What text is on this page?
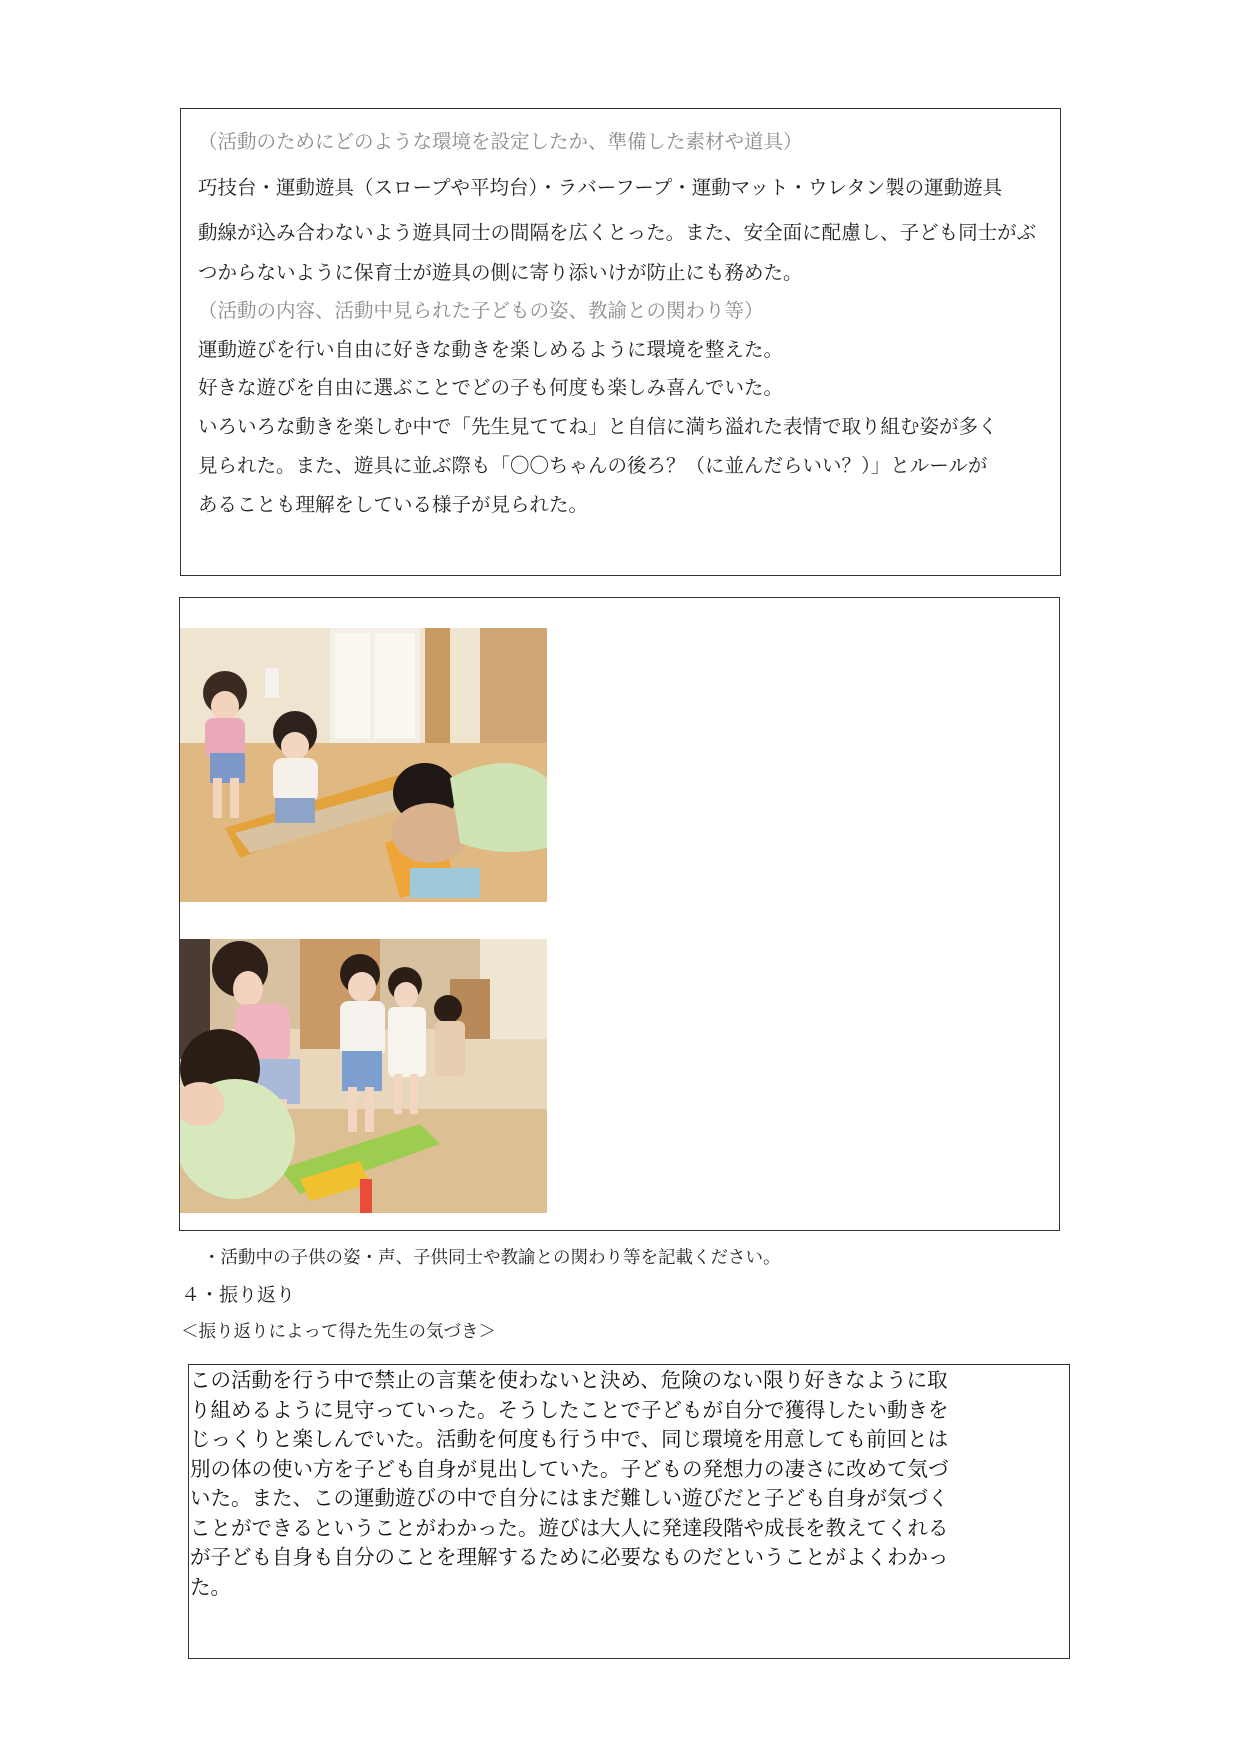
（活動のためにどのような環境を設定したか、準備した素材や道具）
巧技台・運動遊具（スロープや平均台）・ラバーフープ・運動マット・ウレタン製の運動遊具
動線が込み合わないよう遊具同士の間隔を広くとった。また、安全面に配慮し、子ども同士がぶ
つからないように保育士が遊具の側に寄り添いけが防止にも務めた。
（活動の内容、活動中見られた子どもの姿、教諭との関わり等）
運動遊びを行い自由に好きな動きを楽しめるように環境を整えた。
好きな遊びを自由に選ぶことでどの子も何度も楽しみ喜んでいた。
いろいろな動きを楽しむ中で「先生見ててね」と自信に満ち溢れた表情で取り組む姿が多く
見られた。また、遊具に並ぶ際も「〇〇ちゃんの後ろ？（に並んだらいい？）」とルールが
あることも理解をしている様子が見られた。
・活動中の子供の姿・声、子供同士や教諭との関わり等を記載ください。
４・振り返り
＜振り返りによって得た先生の気づき＞
この活動を行う中で禁止の言葉を使わないと決め、危険のない限り好きなように取
り組めるように見守っていった。そうしたことで子どもが自分で獲得したい動きを
じっくりと楽しんでいた。活動を何度も行う中で、同じ環境を用意しても前回とは
別の体の使い方を子ども自身が見出していた。子どもの発想力の凄さに改めて気づ
いた。また、この運動遊びの中で自分にはまだ難しい遊びだと子ども自身が気づく
ことができるということがわかった。遊びは大人に発達段階や成長を教えてくれる
が子ども自身も自分のことを理解するために必要なものだということがよくわかっ
た。
